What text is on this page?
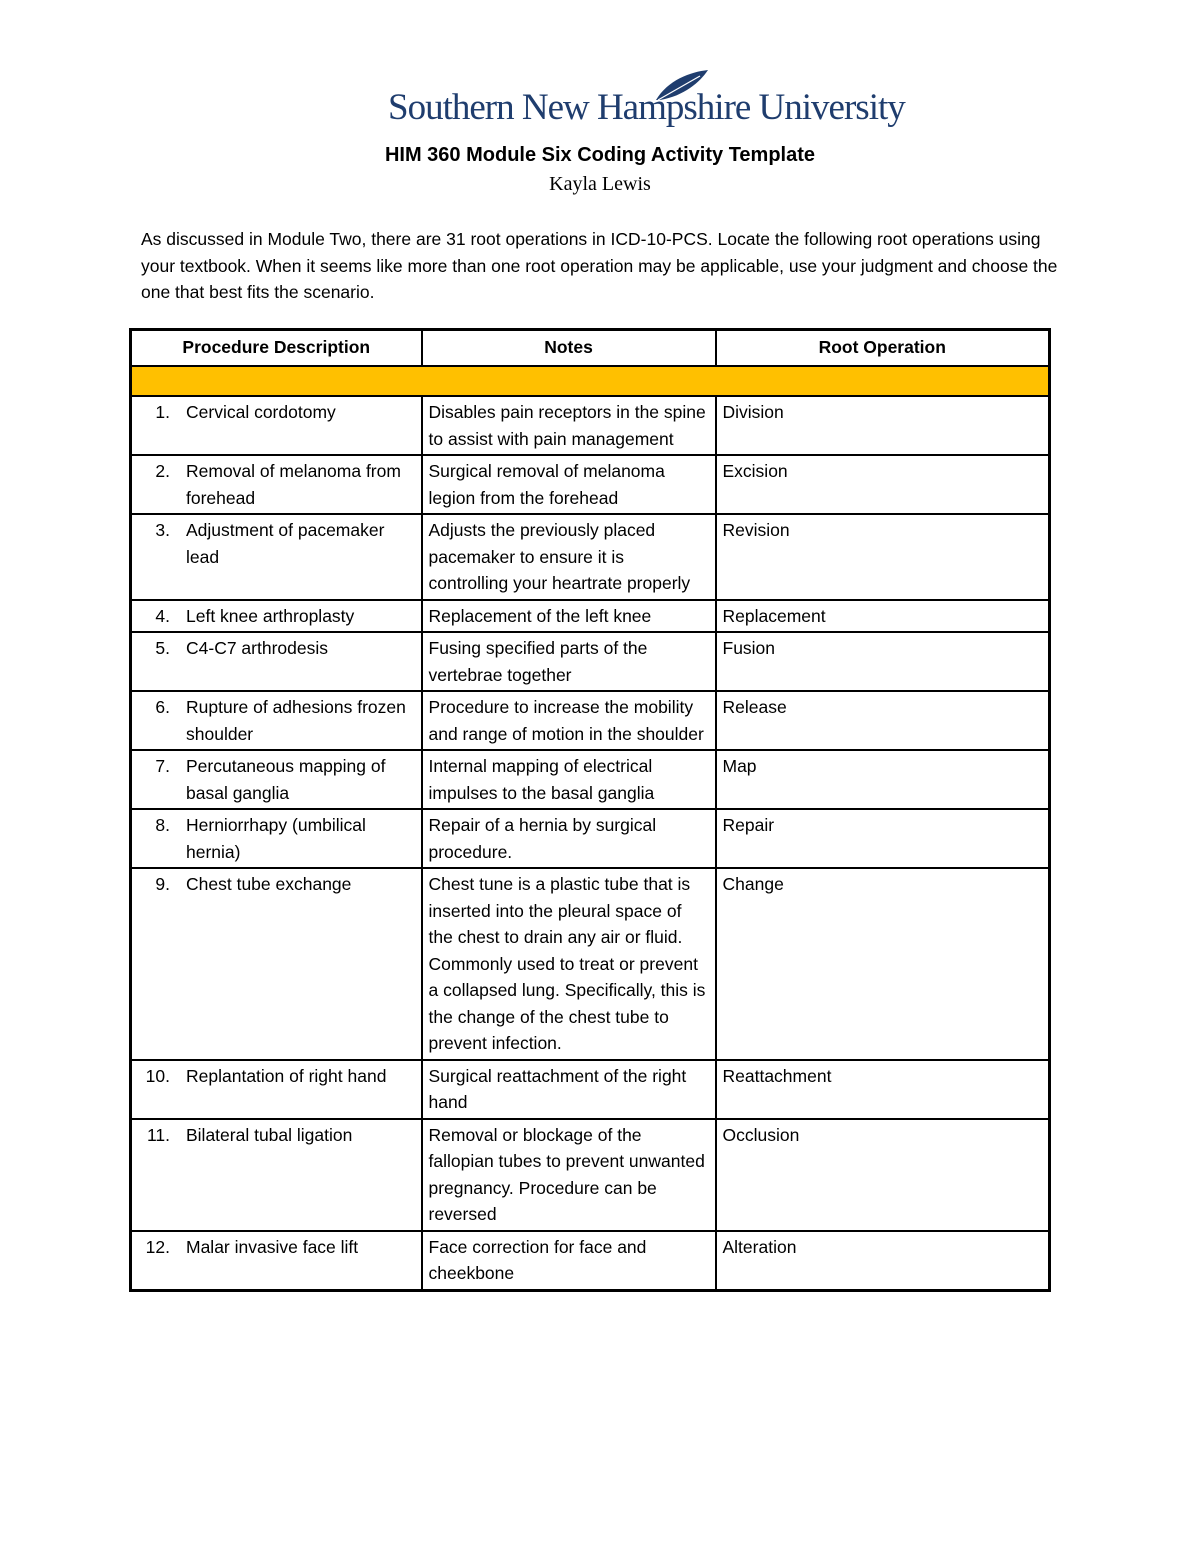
Southern New Hampshire University
HIM 360 Module Six Coding Activity Template
Kayla Lewis
As discussed in Module Two, there are 31 root operations in ICD-10-PCS. Locate the following root operations using your textbook. When it seems like more than one root operation may be applicable, use your judgment and choose the one that best fits the scenario.
Procedure Description	Notes	Root Operation

1. Cervical cordotomy	Disables pain receptors in the spine to assist with pain management	Division

2. Removal of melanoma from forehead	Surgical removal of melanoma legion from the forehead	Excision

3. Adjustment of pacemaker lead	Adjusts the previously placed pacemaker to ensure it is controlling your heartrate properly	Revision

4. Left knee arthroplasty	Replacement of the left knee	Replacement

5. C4-C7 arthrodesis	Fusing specified parts of the vertebrae together	Fusion

6. Rupture of adhesions frozen shoulder	Procedure to increase the mobility and range of motion in the shoulder	Release

7. Percutaneous mapping of basal ganglia	Internal mapping of electrical impulses to the basal ganglia	Map

8. Herniorrhapy (umbilical hernia)	Repair of a hernia by surgical procedure.	Repair

9. Chest tube exchange	Chest tune is a plastic tube that is inserted into the pleural space of the chest to drain any air or fluid. Commonly used to treat or prevent a collapsed lung. Specifically, this is the change of the chest tube to prevent infection.	Change

10. Replantation of right hand	Surgical reattachment of the right hand	Reattachment

11. Bilateral tubal ligation	Removal or blockage of the fallopian tubes to prevent unwanted pregnancy. Procedure can be reversed	Occlusion

12. Malar invasive face lift	Face correction for face and cheekbone	Alteration
